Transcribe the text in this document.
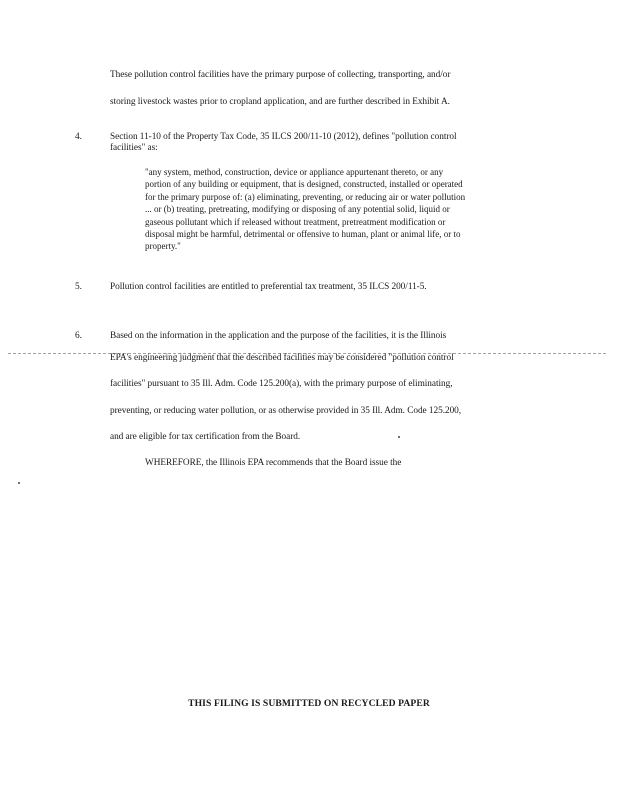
These pollution control facilities have the primary purpose of collecting, transporting, and/or
storing livestock wastes prior to cropland application, and are further described in Exhibit A.
4.	Section 11-10 of the Property Tax Code, 35 ILCS 200/11-10 (2012), defines "pollution control
facilities" as:
"any system, method, construction, device or appliance appurtenant thereto, or any
portion of any building or equipment, that is designed, constructed, installed or operated
for the primary purpose of: (a) eliminating, preventing, or reducing air or water pollution
... or (b) treating, pretreating, modifying or disposing of any potential solid, liquid or
gaseous pollutant which if released without treatment, pretreatment modification or
disposal might be harmful, detrimental or offensive to human, plant or animal life, or to
property."
5.	Pollution control facilities are entitled to preferential tax treatment, 35 ILCS 200/11-5.
6.	Based on the information in the application and the purpose of the facilities, it is the Illinois
EPA's engineering judgment that the described facilities may be considered "pollution control
facilities" pursuant to 35 Ill. Adm. Code 125.200(a), with the primary purpose of eliminating,
preventing, or reducing water pollution, or as otherwise provided in 35 Ill. Adm. Code 125.200,
and are eligible for tax certification from the Board.
WHEREFORE, the Illinois EPA recommends that the Board issue the
THIS FILING IS SUBMITTED ON RECYCLED PAPER
